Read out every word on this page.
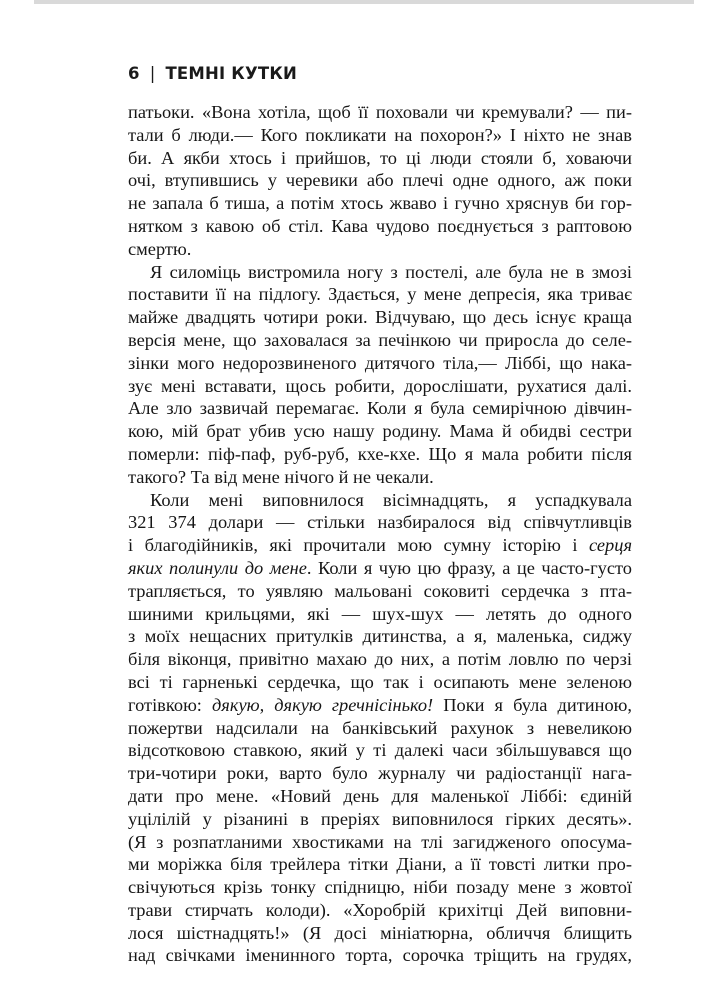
6 | ТЕМНІ КУТКИ

патьоки. «Вона хотіла, щоб її поховали чи кремували? — пи-
тали б люди.— Кого покликати на похорон?» І ніхто не знав
би. А якби хтось і прийшов, то ці люди стояли б, ховаючи
очі, втупившись у черевики або плечі одне одного, аж поки
не запала б тиша, а потім хтось жваво і гучно хряснув би гор-
нятком з кавою об стіл. Кава чудово поєднується з раптовою
смертю.

Я силоміць вистромила ногу з постелі, але була не в змозі
поставити її на підлогу. Здається, у мене депресія, яка триває
майже двадцять чотири роки. Відчуваю, що десь існує краща
версія мене, що заховалася за печінкою чи приросла до селе-
зінки мого недорозвиненого дитячого тіла,— Ліббі, що нака-
зує мені вставати, щось робити, дорослішати, рухатися далі.
Але зло зазвичай перемагає. Коли я була семирічною дівчин-
кою, мій брат убив усю нашу родину. Мама й обидві сестри
померли: піф-паф, руб-руб, кхе-кхе. Що я мала робити після
такого? Та від мене нічого й не чекали.

Коли мені виповнилося вісімнадцять, я успадкувала
321 374 долари — стільки назбиралося від співчутливців
і благодійників, які прочитали мою сумну історію і серця
яких полинули до мене. Коли я чую цю фразу, а це часто-густо
трапляється, то уявляю мальовані соковиті сердечка з пта-
шиними крильцями, які — шух-шух — летять до одного
з моїх нещасних притулків дитинства, а я, маленька, сиджу
біля віконця, привітно махаю до них, а потім ловлю по черзі
всі ті гарненькі сердечка, що так і осипають мене зеленою
готівкою: дякую, дякую гречнісінько! Поки я була дитиною,
пожертви надсилали на банківський рахунок з невеликою
відсотковою ставкою, який у ті далекі часи збільшувався що
три-чотири роки, варто було журналу чи радіостанції нага-
дати про мене. «Новий день для маленької Ліббі: єдиній
уцілілій у різанині в преріях виповнилося гірких десять».
(Я з розпатланими хвостиками на тлі загидженого опосума-
ми моріжка біля трейлера тітки Діани, а її товсті литки про-
свічуються крізь тонку спідницю, ніби позаду мене з жовтої
трави стирчать колоди). «Хоробрій крихітці Дей виповни-
лося шістнадцять!» (Я досі мініатюрна, обличчя блищить
над свічками іменинного торта, сорочка тріщить на грудях,
